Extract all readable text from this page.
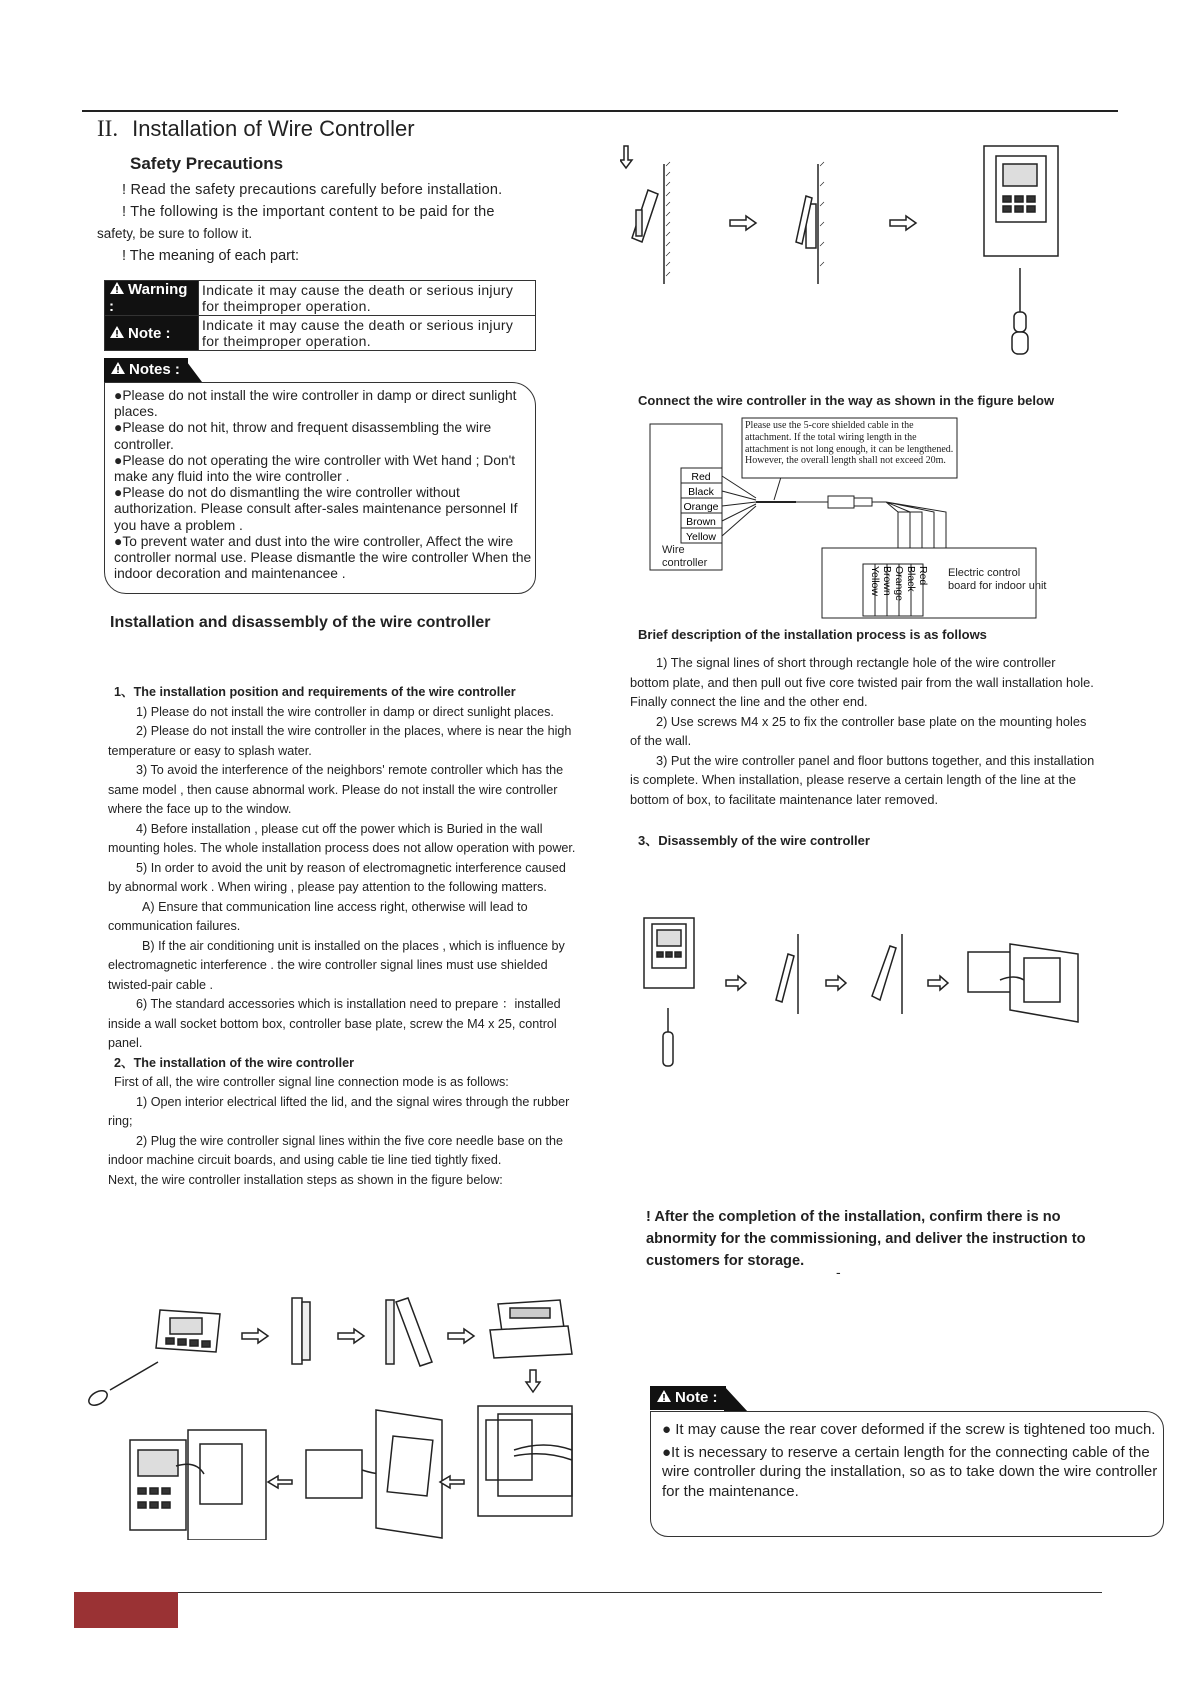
II. Installation of Wire Controller
Safety Precautions
! Read the safety precautions carefully before installation.
! The following is the important content to be paid for the
safety, be sure to follow it.
! The meaning of each part:
Warning :	Indicate it may cause the death or serious injury for theimproper operation.
Note :	Indicate it may cause the death or serious injury for theimproper operation.
Notes :

●Please do not install the wire controller in damp or direct sunlight places.

●Please do not hit, throw and frequent disassembling the wire controller.

●Please do not operating the wire controller with Wet hand ; Don't make any fluid into the wire controller .

●Please do not do dismantling the wire controller without authorization. Please consult after-sales maintenance personnel If you have a problem .

●To prevent water and dust into the wire controller, Affect the wire controller normal use. Please dismantle the wire controller When the indoor decoration and maintenancee .

Installation and disassembly of the wire controller

1、The installation position and requirements of the wire controller

1) Please do not install the wire controller in damp or direct sunlight places.

2) Please do not install the wire controller in the places, where is near the high temperature or easy to splash water.

3) To avoid the interference of the neighbors' remote controller which has the same model , then cause abnormal work. Please do not install the wire controller where the face up to the window.

4) Before installation , please cut off the power which is Buried in the wall mounting holes. The whole installation process does not allow operation with power.

5) In order to avoid the unit by reason of electromagnetic interference caused by abnormal work . When wiring , please pay attention to the following matters.

A) Ensure that communication line access right, otherwise will lead to communication failures.

B) If the air conditioning unit is installed on the places , which is influence by electromagnetic interference . the wire controller signal lines must use shielded twisted-pair cable .

6) The standard accessories which is installation need to prepare ：installed inside a wall socket bottom box, controller base plate, screw the M4 x 25, control panel.

2、The installation of the wire controller

First of all, the wire controller signal line connection mode is as follows:

1) Open interior electrical lifted the lid, and the signal wires through the rubber ring;

2) Plug the wire controller signal lines within the five core needle base on the indoor machine circuit boards, and using cable tie line tied tightly fixed.

Next, the wire controller installation steps as shown in the figure below:

Connect the wire controller in the way as shown in the figure below
Red
Black
Orange
Brown
Yellow
Yellow Brown Orange Black Red
Please use the 5-core shielded cable in the attachment. If the total wiring length in the attachment is not long enough, it can be lengthened. However, the overall length shall not exceed 20m.
Wire controller
Electric control board for indoor unit
Brief description of the installation process is as follows

1) The signal lines of short through rectangle hole of the wire controller bottom plate, and then pull out five core twisted pair from the wall installation hole. Finally connect the line and the other end.

2) Use screws M4 x 25 to fix the controller base plate on the mounting holes of the wall.

3) Put the wire controller panel and floor buttons together, and this installation is complete. When installation, please reserve a certain length of the line at the bottom of box, to facilitate maintenance later removed.

3、Disassembly of the wire controller
! After the completion of the installation, confirm there is no abnormity for the commissioning, and deliver the instruction to customers for storage.
-
Note :

● It may cause the rear cover deformed if the screw is tightened too much.

●It is necessary to reserve a certain length for the connecting cable of the wire controller during the installation, so as to take down the wire controller for the maintenance.
